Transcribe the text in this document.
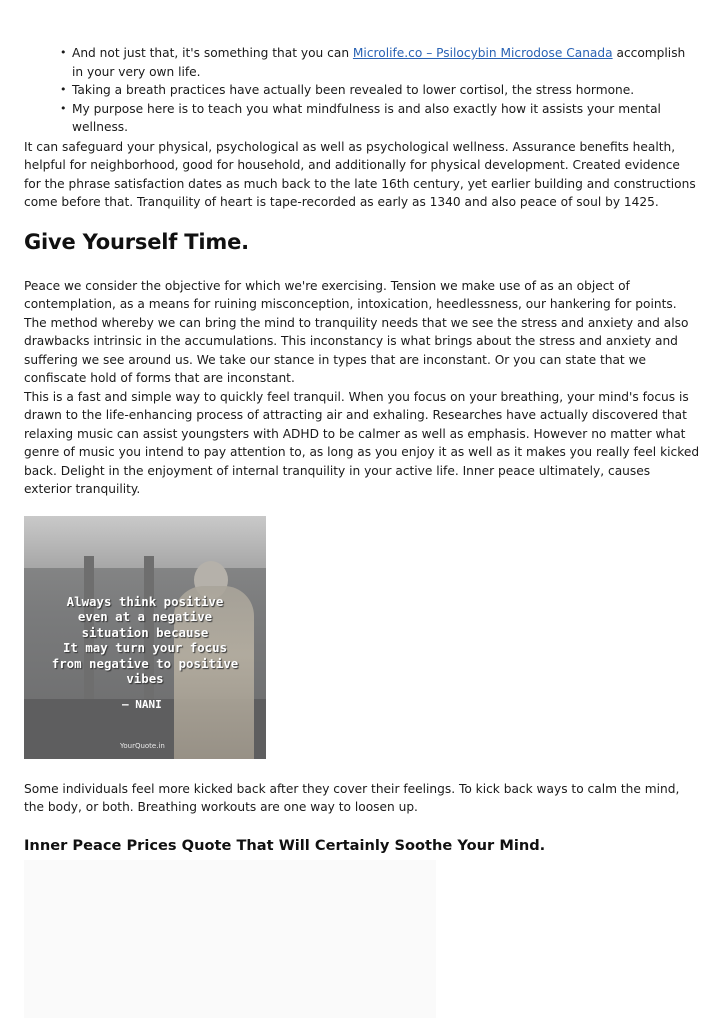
• And not just that, it's something that you can Microlife.co – Psilocybin Microdose Canada accomplish in your very own life.
• Taking a breath practices have actually been revealed to lower cortisol, the stress hormone.
• My purpose here is to teach you what mindfulness is and also exactly how it assists your mental wellness.

It can safeguard your physical, psychological as well as psychological wellness. Assurance benefits health, helpful for neighborhood, good for household, and additionally for physical development. Created evidence for the phrase satisfaction dates as much back to the late 16th century, yet earlier building and constructions come before that. Tranquility of heart is tape-recorded as early as 1340 and also peace of soul by 1425.

Give Yourself Time.

Peace we consider the objective for which we're exercising. Tension we make use of as an object of contemplation, as a means for ruining misconception, intoxication, heedlessness, our hankering for points. The method whereby we can bring the mind to tranquility needs that we see the stress and anxiety and also drawbacks intrinsic in the accumulations. This inconstancy is what brings about the stress and anxiety and suffering we see around us. We take our stance in types that are inconstant. Or you can state that we confiscate hold of forms that are inconstant.

This is a fast and simple way to quickly feel tranquil. When you focus on your breathing, your mind's focus is drawn to the life-enhancing process of attracting air and exhaling. Researches have actually discovered that relaxing music can assist youngsters with ADHD to be calmer as well as emphasis. However no matter what genre of music you intend to pay attention to, as long as you enjoy it as well as it makes you really feel kicked back. Delight in the enjoyment of internal tranquility in your active life. Inner peace ultimately, causes exterior tranquility.

Always think positive
even at a negative
situation because
It may turn your focus
from negative to positive
vibes
– NANI
YourQuote.in

Some individuals feel more kicked back after they cover their feelings. To kick back ways to calm the mind, the body, or both. Breathing workouts are one way to loosen up.

Inner Peace Prices Quote That Will Certainly Soothe Your Mind.
